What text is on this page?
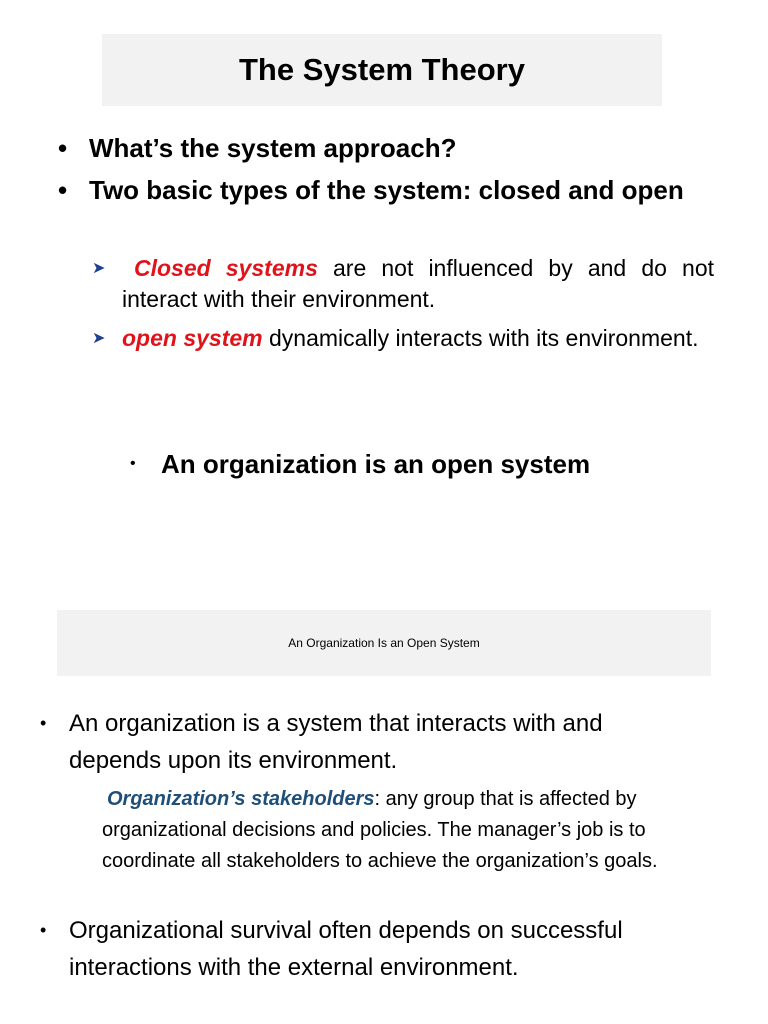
The System Theory
• What’s the system approach?
• Two basic types of the system: closed and open
➤	Closed systems are not influenced by and do not interact with their environment.
➤ open system dynamically interacts with its environment.
• An organization is an open system
An Organization Is an Open System
• An organization is a system that interacts with and depends upon its environment.
Organization’s stakeholders: any group that is affected by organizational decisions and policies. The manager’s job is to coordinate all stakeholders to achieve the organization’s goals.
• Organizational survival often depends on successful interactions with the external environment.
